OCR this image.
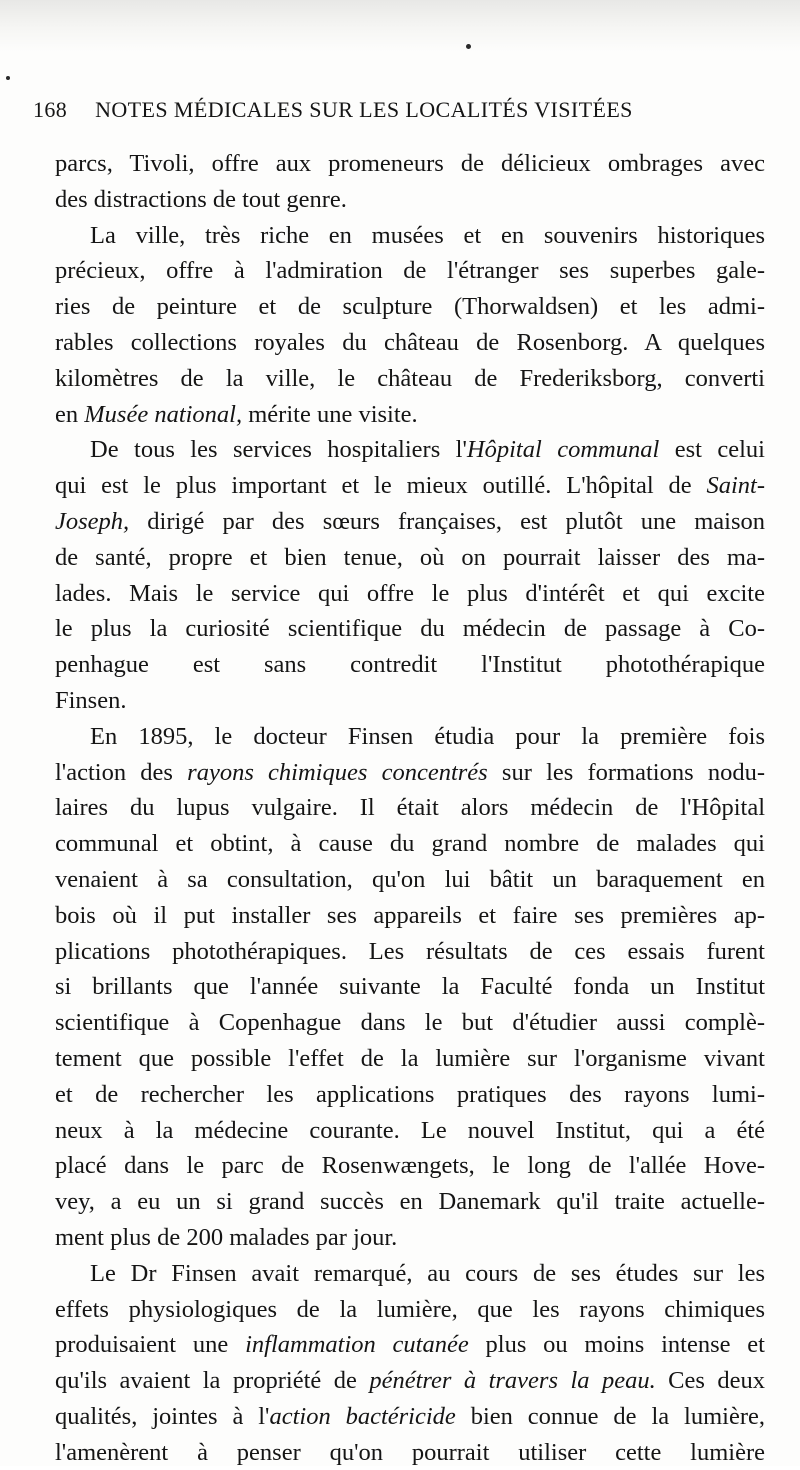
168 NOTES MÉDICALES SUR LES LOCALITÉS VISITÉES
parcs, Tivoli, offre aux promeneurs de délicieux ombrages avec
des distractions de tout genre.
La ville, très riche en musées et en souvenirs historiques
précieux, offre à l'admiration de l'étranger ses superbes gale-
ries de peinture et de sculpture (Thorwaldsen) et les admi-
rables collections royales du château de Rosenborg. A quelques
kilomètres de la ville, le château de Frederiksborg, converti
en Musée national, mérite une visite.
De tous les services hospitaliers l'Hôpital communal est celui
qui est le plus important et le mieux outillé. L'hôpital de Saint-
Joseph, dirigé par des sœurs françaises, est plutôt une maison
de santé, propre et bien tenue, où on pourrait laisser des ma-
lades. Mais le service qui offre le plus d'intérêt et qui excite
le plus la curiosité scientifique du médecin de passage à Co-
penhague est sans contredit l'Institut photothérapique
Finsen.
En 1895, le docteur Finsen étudia pour la première fois
l'action des rayons chimiques concentrés sur les formations nodu-
laires du lupus vulgaire. Il était alors médecin de l'Hôpital
communal et obtint, à cause du grand nombre de malades qui
venaient à sa consultation, qu'on lui bâtit un baraquement en
bois où il put installer ses appareils et faire ses premières ap-
plications photothérapiques. Les résultats de ces essais furent
si brillants que l'année suivante la Faculté fonda un Institut
scientifique à Copenhague dans le but d'étudier aussi complè-
tement que possible l'effet de la lumière sur l'organisme vivant
et de rechercher les applications pratiques des rayons lumi-
neux à la médecine courante. Le nouvel Institut, qui a été
placé dans le parc de Rosenwængets, le long de l'allée Hove-
vey, a eu un si grand succès en Danemark qu'il traite actuelle-
ment plus de 200 malades par jour.
Le Dr Finsen avait remarqué, au cours de ses études sur les
effets physiologiques de la lumière, que les rayons chimiques
produisaient une inflammation cutanée plus ou moins intense et
qu'ils avaient la propriété de pénétrer à travers la peau. Ces deux
qualités, jointes à l'action bactéricide bien connue de la lumière,
l'amenèrent à penser qu'on pourrait utiliser cette lumière
